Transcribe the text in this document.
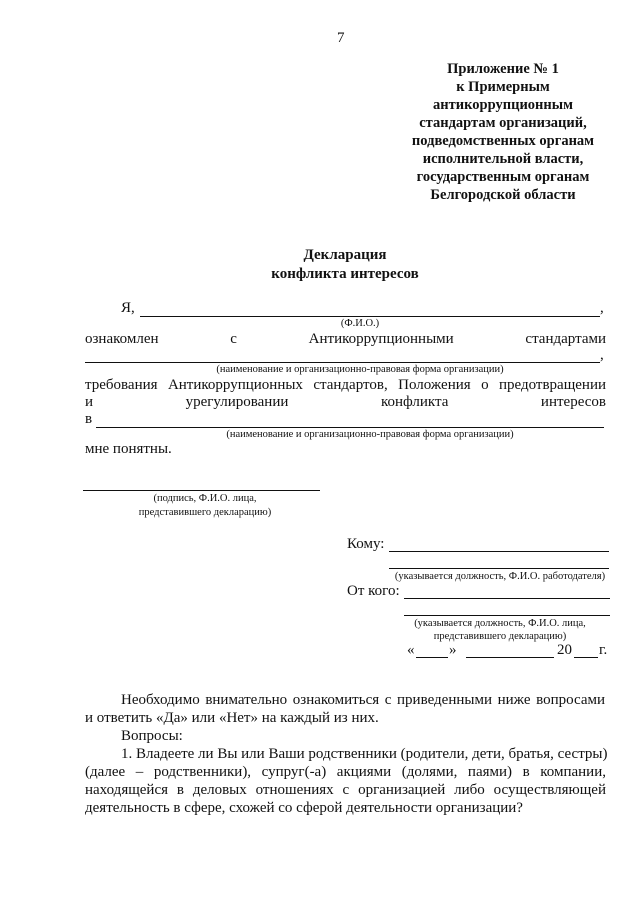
7
Приложение № 1
к Примерным
антикоррупционным
стандартам организаций,
подведомственных органам
исполнительной власти,
государственным органам
Белгородской области
Декларация
конфликта интересов
Я,	,
(Ф.И.О.)
ознакомлен	с	Антикоррупционными	стандартами
,
(наименование и организационно-правовая форма организации)
требования Антикоррупционных стандартов, Положения о предотвращении
и	урегулировании	конфликта	интересов
в
(наименование и организационно-правовая форма организации)
мне понятны.
(подпись, Ф.И.О. лица,
представившего декларацию)
Кому:
(указывается должность, Ф.И.О. работодателя)
От кого:
(указывается должность, Ф.И.О. лица,
представившего декларацию)
« »	20 г.
Необходимо внимательно ознакомиться с приведенными ниже вопросами
и ответить «Да» или «Нет» на каждый из них.
Вопросы:
1. Владеете ли Вы или Ваши родственники (родители, дети, братья, сестры)
(далее – родственники), супруг(-а) акциями (долями, паями) в компании,
находящейся в деловых отношениях с организацией либо осуществляющей
деятельность в сфере, схожей со сферой деятельности организации?
